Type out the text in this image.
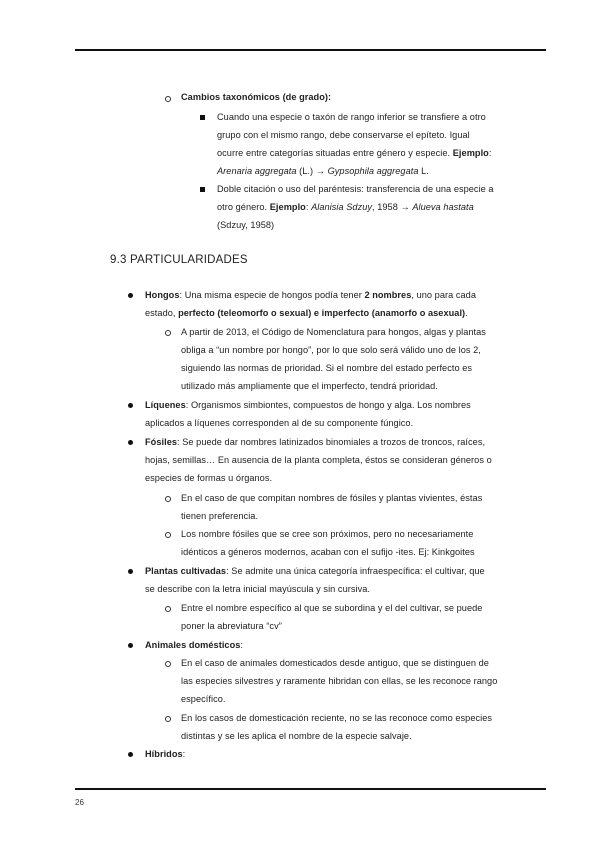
Cambios taxonómicos (de grado):
Cuando una especie o taxón de rango inferior se transfiere a otro
grupo con el mismo rango, debe conservarse el epíteto. Igual
ocurre entre categorías situadas entre género y especie. Ejemplo:
Arenaria aggregata (L.) → Gypsophila aggregata L.
Doble citación o uso del paréntesis: transferencia de una especie a
otro género. Ejemplo: Alanisia Sdzuy, 1958 → Alueva hastata
(Sdzuy, 1958)
9.3 PARTICULARIDADES
Hongos: Una misma especie de hongos podía tener 2 nombres, uno para cada
estado, perfecto (teleomorfo o sexual) e imperfecto (anamorfo o asexual).
A partir de 2013, el Código de Nomenclatura para hongos, algas y plantas
obliga a “un nombre por hongo”, por lo que solo será válido uno de los 2,
siguiendo las normas de prioridad. Si el nombre del estado perfecto es
utilizado más ampliamente que el imperfecto, tendrá prioridad.
Líquenes: Organismos simbiontes, compuestos de hongo y alga. Los nombres
aplicados a líquenes corresponden al de su componente fúngico.
Fósiles: Se puede dar nombres latinizados binomiales a trozos de troncos, raíces,
hojas, semillas… En ausencia de la planta completa, éstos se consideran géneros o
especies de formas u órganos.
En el caso de que compitan nombres de fósiles y plantas vivientes, éstas
tienen preferencia.
Los nombre fósiles que se cree son próximos, pero no necesariamente
idénticos a géneros modernos, acaban con el sufijo -ites. Ej: Kinkgoites
Plantas cultivadas: Se admite una única categoría infraespecífica: el cultivar, que
se describe con la letra inicial mayúscula y sin cursiva.
Entre el nombre específico al que se subordina y el del cultivar, se puede
poner la abreviatura “cv”
Animales domésticos:
En el caso de animales domesticados desde antiguo, que se distinguen de
las especies silvestres y raramente hibridan con ellas, se les reconoce rango
específico.
En los casos de domesticación reciente, no se las reconoce como especies
distintas y se les aplica el nombre de la especie salvaje.
Híbridos:
26
